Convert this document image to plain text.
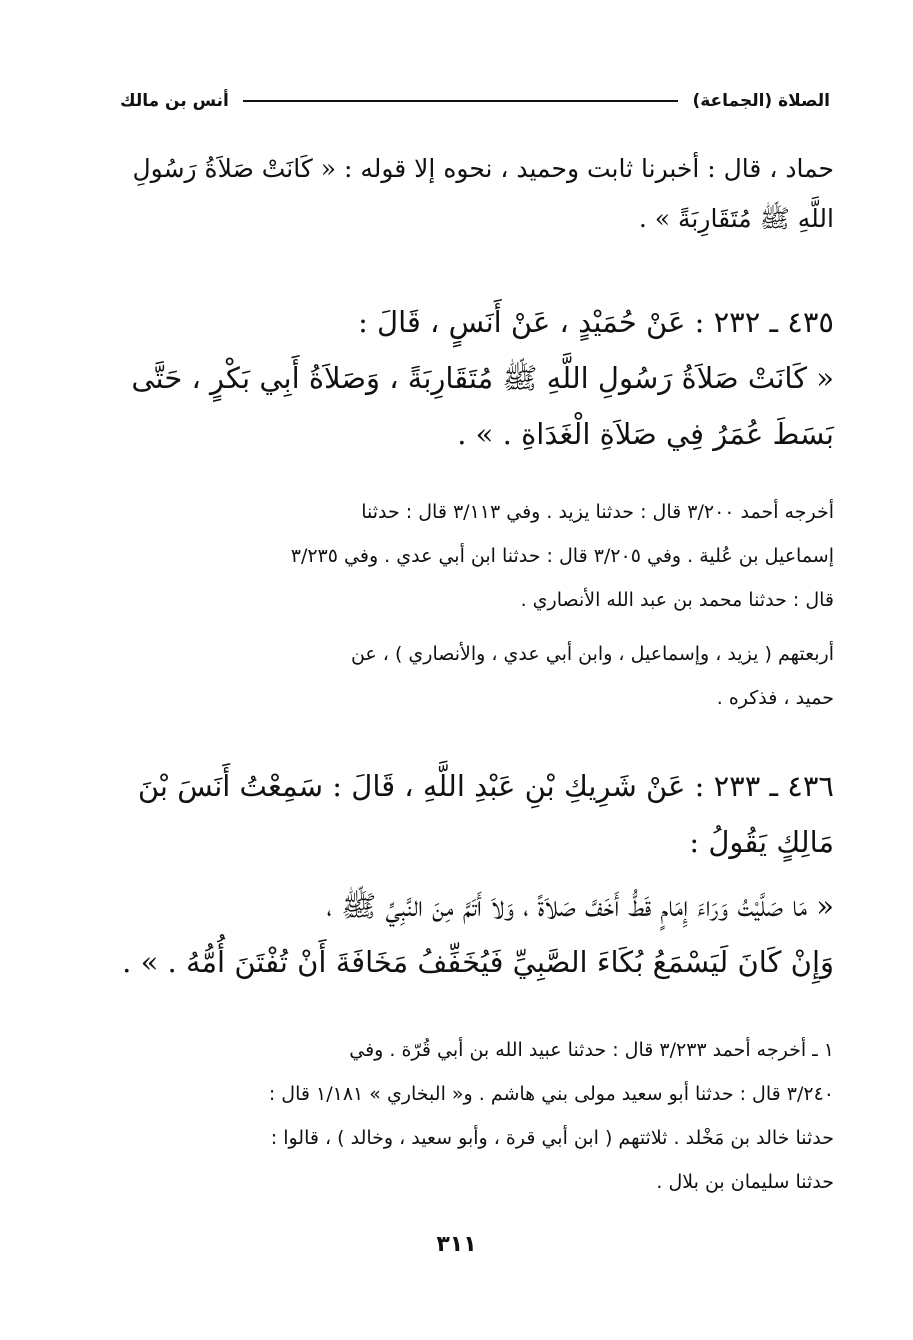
الصلاة (الجماعة)
أنس بن مالك
حماد ، قال : أخبرنا ثابت وحميد ، نحوه إلا قوله : « كَانَتْ صَلاَةُ رَسُولِ
اللَّهِ ﷺ مُتَقَارِبَةً » .
٤٣٥ ـ ٢٣٢ : عَنْ حُمَيْدٍ ، عَنْ أَنَسٍ ، قَالَ :
« كَانَتْ صَلاَةُ رَسُولِ اللَّهِ ﷺ مُتَقَارِبَةً ، وَصَلاَةُ أَبِي بَكْرٍ ، حَتَّى
بَسَطَ عُمَرُ فِي صَلاَةِ الْغَدَاةِ . » .
أخرجه أحمد ٣/٢٠٠ قال : حدثنا يزيد . وفي ٣/١١٣ قال : حدثنا
إسماعيل بن عُلية . وفي ٣/٢٠٥ قال : حدثنا ابن أبي عدي . وفي ٣/٢٣٥
قال : حدثنا محمد بن عبد الله الأنصاري .
أربعتهم ( يزيد ، وإسماعيل ، وابن أبي عدي ، والأنصاري ) ، عن
حميد ، فذكره .
٤٣٦ ـ ٢٣٣ : عَنْ شَرِيكِ بْنِ عَبْدِ اللَّهِ ، قَالَ : سَمِعْتُ أَنَسَ بْنَ
مَالِكٍ يَقُولُ :
« مَا صَلَّيْتُ وَرَاءَ إِمَامٍ قَطُّ أَخَفَّ صَلاَةً ، وَلاَ أَتَمَّ مِنَ النَّبِيِّ ﷺ ،
وَإِنْ كَانَ لَيَسْمَعُ بُكَاءَ الصَّبِيِّ فَيُخَفِّفُ مَخَافَةَ أَنْ تُفْتَنَ أُمُّهُ . » .
١ ـ أخرجه أحمد ٣/٢٣٣ قال : حدثنا عبيد الله بن أبي قُرّة . وفي
٣/٢٤٠ قال : حدثنا أبو سعيد مولى بني هاشم . و« البخاري » ١/١٨١ قال :
حدثنا خالد بن مَخْلد . ثلاثتهم ( ابن أبي قرة ، وأبو سعيد ، وخالد ) ، قالوا :
حدثنا سليمان بن بلال .
٣١١
